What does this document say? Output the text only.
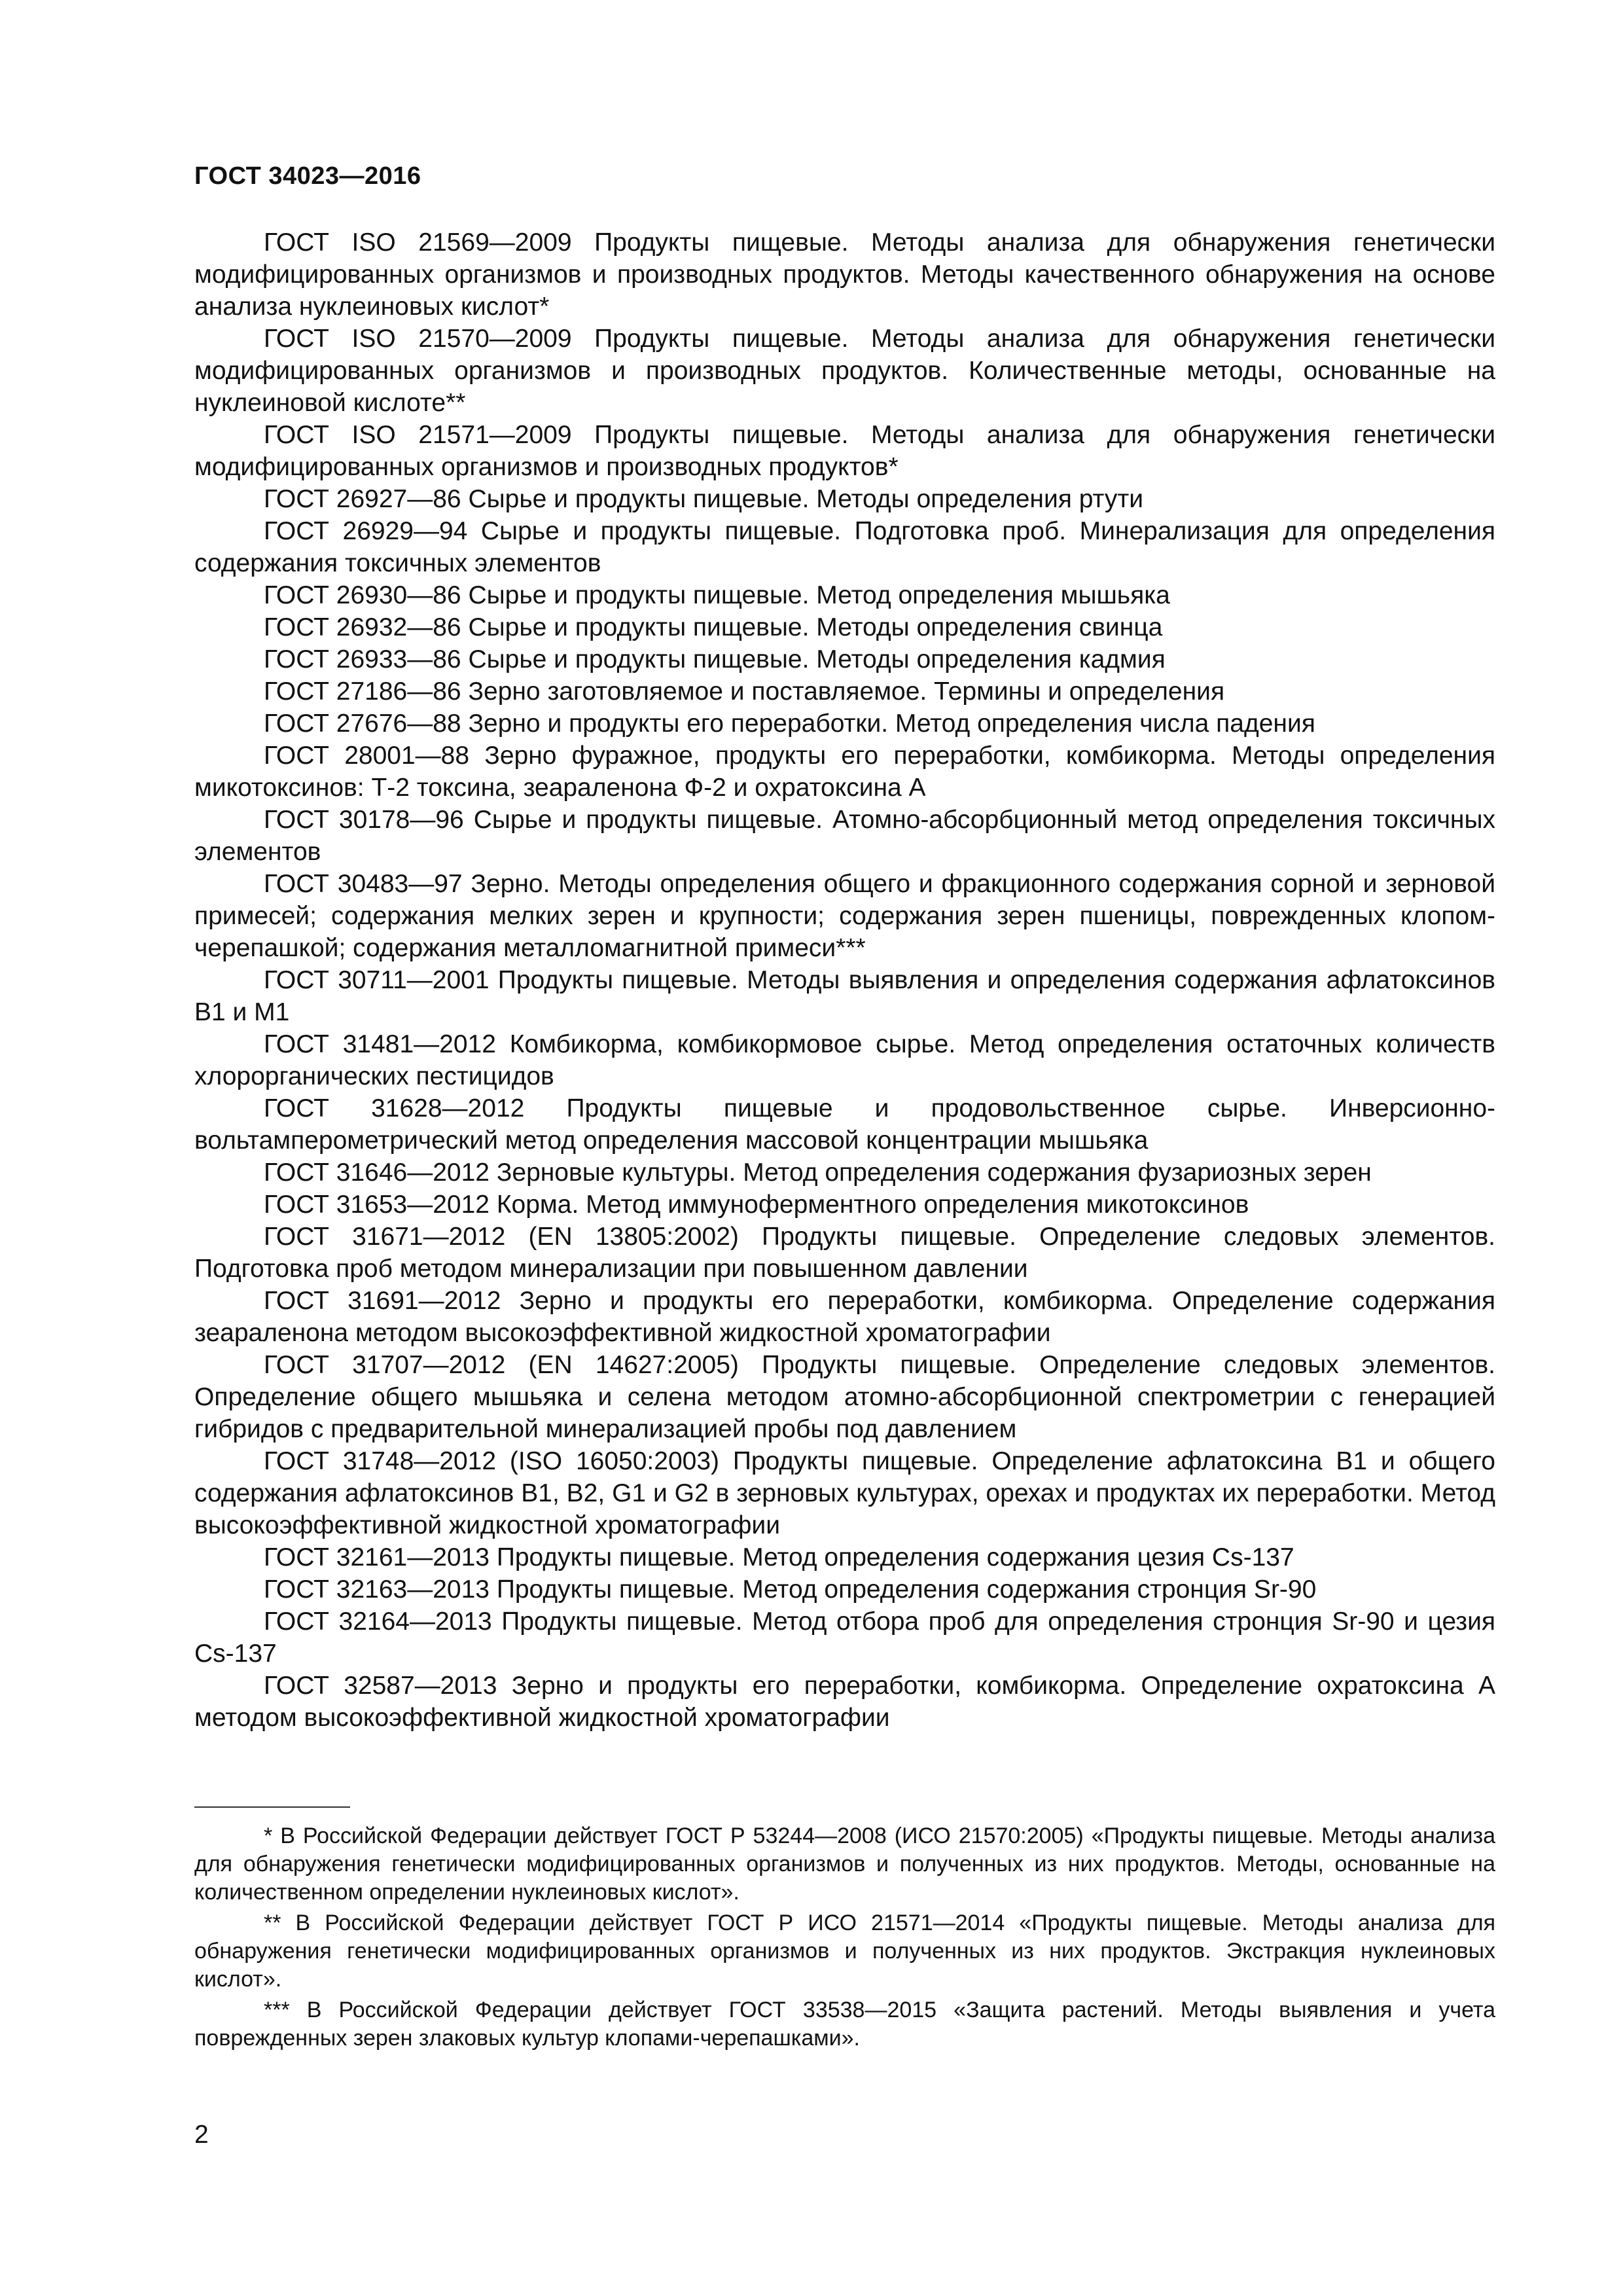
ГОСТ 34023—2016

ГОСТ ISO 21569—2009 Продукты пищевые. Методы анализа для обнаружения генетически модифицированных организмов и производных продуктов. Методы качественного обнаружения на основе анализа нуклеиновых кислот*

ГОСТ ISO 21570—2009 Продукты пищевые. Методы анализа для обнаружения генетически модифицированных организмов и производных продуктов. Количественные методы, основанные на нуклеиновой кислоте**

ГОСТ ISO 21571—2009 Продукты пищевые. Методы анализа для обнаружения генетически модифицированных организмов и производных продуктов*

ГОСТ 26927—86 Сырье и продукты пищевые. Методы определения ртути

ГОСТ 26929—94 Сырье и продукты пищевые. Подготовка проб. Минерализация для определения содержания токсичных элементов

ГОСТ 26930—86 Сырье и продукты пищевые. Метод определения мышьяка

ГОСТ 26932—86 Сырье и продукты пищевые. Методы определения свинца

ГОСТ 26933—86 Сырье и продукты пищевые. Методы определения кадмия

ГОСТ 27186—86 Зерно заготовляемое и поставляемое. Термины и определения

ГОСТ 27676—88 Зерно и продукты его переработки. Метод определения числа падения

ГОСТ 28001—88 Зерно фуражное, продукты его переработки, комбикорма. Методы определения микотоксинов: Т-2 токсина, зеараленона Ф-2 и охратоксина А

ГОСТ 30178—96 Сырье и продукты пищевые. Атомно-абсорбционный метод определения токсичных элементов

ГОСТ 30483—97 Зерно. Методы определения общего и фракционного содержания сорной и зерновой примесей; содержания мелких зерен и крупности; содержания зерен пшеницы, поврежденных клопом-черепашкой; содержания металломагнитной примеси***

ГОСТ 30711—2001 Продукты пищевые. Методы выявления и определения содержания афлатоксинов В1 и М1

ГОСТ 31481—2012 Комбикорма, комбикормовое сырье. Метод определения остаточных количеств хлорорганических пестицидов

ГОСТ 31628—2012 Продукты пищевые и продовольственное сырье. Инверсионно-вольтамперометрический метод определения массовой концентрации мышьяка

ГОСТ 31646—2012 Зерновые культуры. Метод определения содержания фузариозных зерен

ГОСТ 31653—2012 Корма. Метод иммуноферментного определения микотоксинов

ГОСТ 31671—2012 (EN 13805:2002) Продукты пищевые. Определение следовых элементов. Подготовка проб методом минерализации при повышенном давлении

ГОСТ 31691—2012 Зерно и продукты его переработки, комбикорма. Определение содержания зеараленона методом высокоэффективной жидкостной хроматографии

ГОСТ 31707—2012 (EN 14627:2005) Продукты пищевые. Определение следовых элементов. Определение общего мышьяка и селена методом атомно-абсорбционной спектрометрии с генерацией гибридов с предварительной минерализацией пробы под давлением

ГОСТ 31748—2012 (ISO 16050:2003) Продукты пищевые. Определение афлатоксина В1 и общего содержания афлатоксинов В1, В2, G1 и G2 в зерновых культурах, орехах и продуктах их переработки. Метод высокоэффективной жидкостной хроматографии

ГОСТ 32161—2013 Продукты пищевые. Метод определения содержания цезия Cs-137

ГОСТ 32163—2013 Продукты пищевые. Метод определения содержания стронция Sr-90

ГОСТ 32164—2013 Продукты пищевые. Метод отбора проб для определения стронция Sr-90 и цезия Cs-137

ГОСТ 32587—2013 Зерно и продукты его переработки, комбикорма. Определение охратоксина А методом высокоэффективной жидкостной хроматографии

* В Российской Федерации действует ГОСТ Р 53244—2008 (ИСО 21570:2005) «Продукты пищевые. Методы анализа для обнаружения генетически модифицированных организмов и полученных из них продуктов. Методы, основанные на количественном определении нуклеиновых кислот».

** В Российской Федерации действует ГОСТ Р ИСО 21571—2014 «Продукты пищевые. Методы анализа для обнаружения генетически модифицированных организмов и полученных из них продуктов. Экстракция нуклеиновых кислот».

*** В Российской Федерации действует ГОСТ 33538—2015 «Защита растений. Методы выявления и учета поврежденных зерен злаковых культур клопами-черепашками».

2
